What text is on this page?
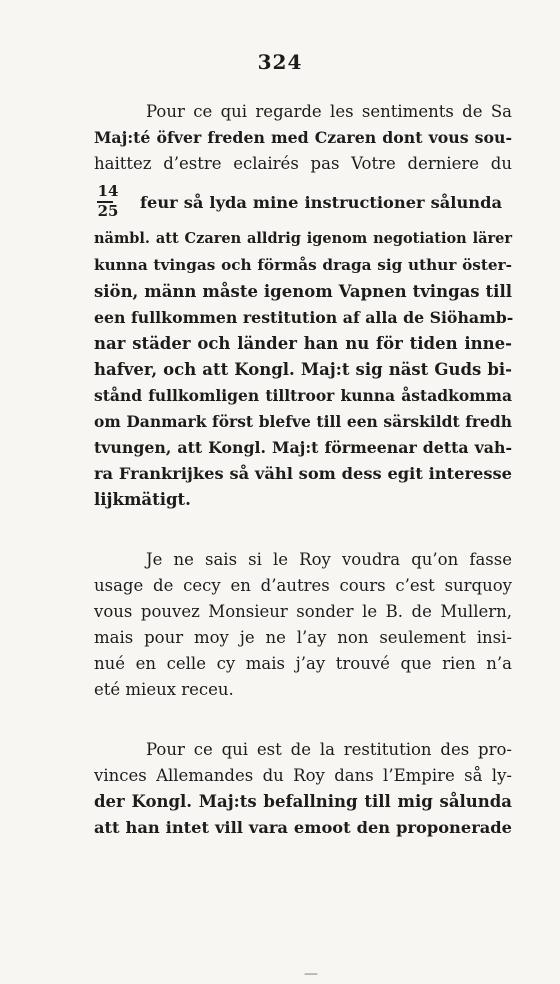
324
Pour ce qui regarde les sentiments de Sa
Maj:té öfver freden med Czaren dont vous sou-
haittez d’estre eclairés pas Votre derniere du
14
25 feur så lyda mine instructioner sålunda
nämbl. att Czaren alldrig igenom negotiation lärer
kunna tvingas och förmås draga sig uthur öster-
siön, männ måste igenom Vapnen tvingas till
een fullkommen restitution af alla de Siöhamb-
nar städer och länder han nu för tiden inne-
hafver, och att Kongl. Maj:t sig näst Guds bi-
stånd fullkomligen tilltroor kunna åstadkomma
om Danmark först blefve till een särskildt fredh
tvungen, att Kongl. Maj:t förmeenar detta vah-
ra Frankrijkes så vähl som dess egit interesse
lijkmätigt.
Je ne sais si le Roy voudra qu’on fasse
usage de cecy en d’autres cours c’est surquoy
vous pouvez Monsieur sonder le B. de Mullern,
mais pour moy je ne l’ay non seulement insi-
nué en celle cy mais j’ay trouvé que rien n’a
eté mieux receu.
Pour ce qui est de la restitution des pro-
vinces Allemandes du Roy dans l’Empire så ly-
der Kongl. Maj:ts befallning till mig sålunda
att han intet vill vara emoot den proponerade
—
